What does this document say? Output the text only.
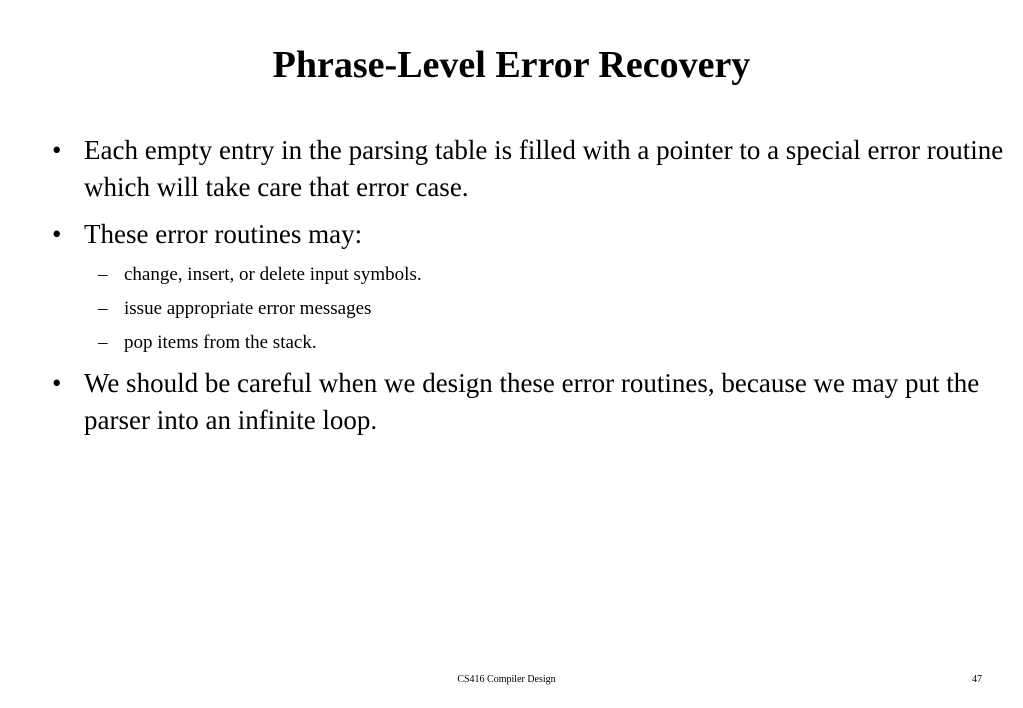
Phrase-Level Error Recovery
• Each empty entry in the parsing table is filled with a pointer to a special error routine which will take care that error case.
• These error routines may:
– change, insert, or delete input symbols.
– issue appropriate error messages
– pop items from the stack.
• We should be careful when we design these error routines, because we may put the parser into an infinite loop.
CS416 Compiler Design	47
